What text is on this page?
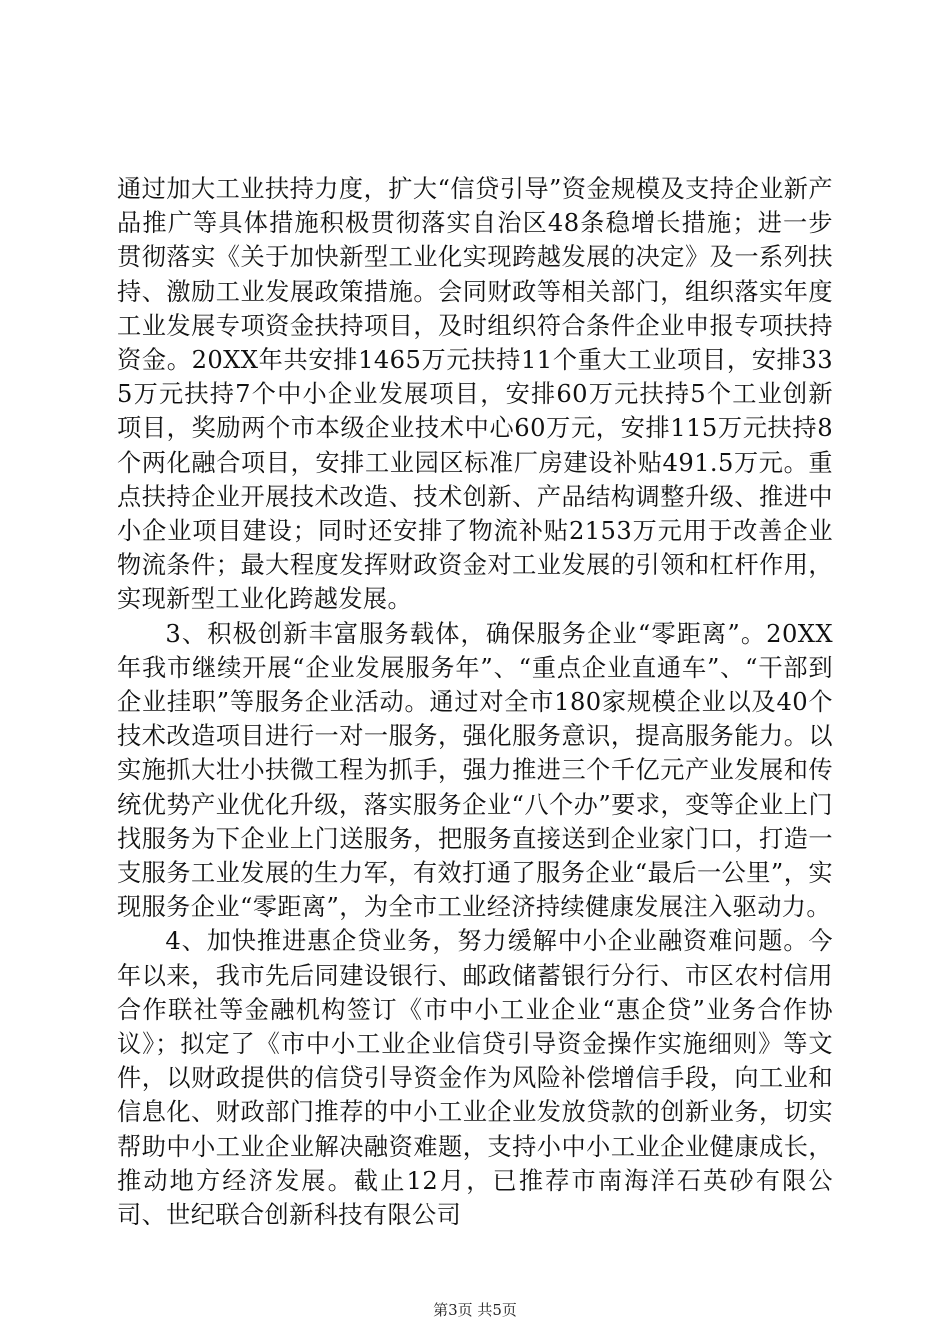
通过加大工业扶持力度，扩大“信贷引导”资金规模及支持企业新产品推广等具体措施积极贯彻落实自治区48条稳增长措施；进一步贯彻落实《关于加快新型工业化实现跨越发展的决定》及一系列扶持、激励工业发展政策措施。会同财政等相关部门，组织落实年度工业发展专项资金扶持项目，及时组织符合条件企业申报专项扶持资金。20XX年共安排1465万元扶持11个重大工业项目，安排335万元扶持7个中小企业发展项目，安排60万元扶持5个工业创新项目，奖励两个市本级企业技术中心60万元，安排115万元扶持8个两化融合项目，安排工业园区标准厂房建设补贴491.5万元。重点扶持企业开展技术改造、技术创新、产品结构调整升级、推进中小企业项目建设；同时还安排了物流补贴2153万元用于改善企业物流条件；最大程度发挥财政资金对工业发展的引领和杠杆作用，实现新型工业化跨越发展。

3、积极创新丰富服务载体，确保服务企业“零距离”。20XX年我市继续开展“企业发展服务年”、“重点企业直通车”、“干部到企业挂职”等服务企业活动。通过对全市180家规模企业以及40个技术改造项目进行一对一服务，强化服务意识，提高服务能力。以实施抓大壮小扶微工程为抓手，强力推进三个千亿元产业发展和传统优势产业优化升级，落实服务企业“八个办”要求，变等企业上门找服务为下企业上门送服务，把服务直接送到企业家门口，打造一支服务工业发展的生力军，有效打通了服务企业“最后一公里”，实现服务企业“零距离”，为全市工业经济持续健康发展注入驱动力。

4、加快推进惠企贷业务，努力缓解中小企业融资难问题。今年以来，我市先后同建设银行、邮政储蓄银行分行、市区农村信用合作联社等金融机构签订《市中小工业企业“惠企贷”业务合作协议》；拟定了《市中小工业企业信贷引导资金操作实施细则》等文件，以财政提供的信贷引导资金作为风险补偿增信手段，向工业和信息化、财政部门推荐的中小工业企业发放贷款的创新业务，切实帮助中小工业企业解决融资难题，支持小中小工业企业健康成长，推动地方经济发展。截止12月，已推荐市南海洋石英砂有限公司、世纪联合创新科技有限公司

第3页 共5页
